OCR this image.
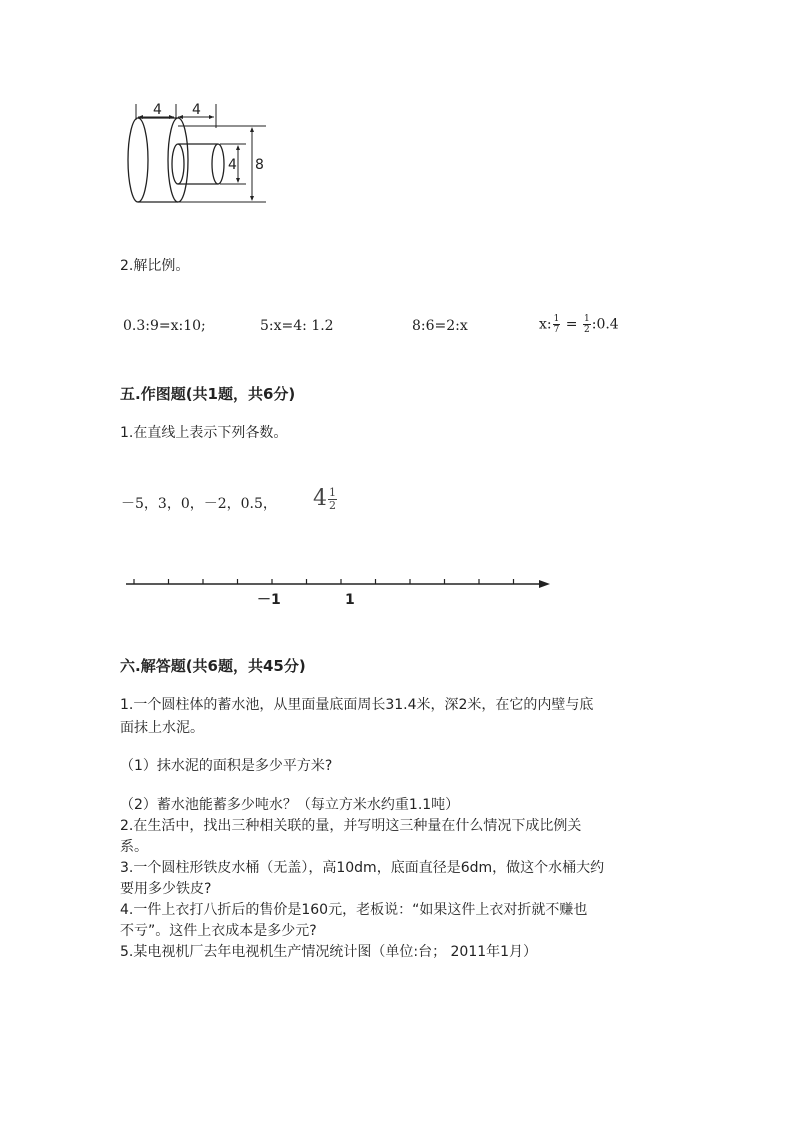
4 4
4 8
2.解比例。
0.3:9=x:10;	5:x=4: 1.2	8:6=2:x	x: $\frac{1}{7} = \frac{1}{2}$ :0.4
五.作图题(共1题，共6分)
1.在直线上表示下列各数。
－5，3，0，－2，0.5， $4 \frac{1}{2}$
－1	1
六.解答题(共6题，共45分)
1.一个圆柱体的蓄水池，从里面量底面周长31.4米，深2米，在它的内壁与底
面抹上水泥。
（1）抹水泥的面积是多少平方米?
（2）蓄水池能蓄多少吨水？（每立方米水约重1.1吨）
2.在生活中，找出三种相关联的量，并写明这三种量在什么情况下成比例关
系。
3.一个圆柱形铁皮水桶（无盖），高10dm，底面直径是6dm，做这个水桶大约
要用多少铁皮?
4.一件上衣打八折后的售价是160元，老板说：“如果这件上衣对折就不赚也
不亏”。这件上衣成本是多少元?
5.某电视机厂去年电视机生产情况统计图（单位:台； 2011年1月）
